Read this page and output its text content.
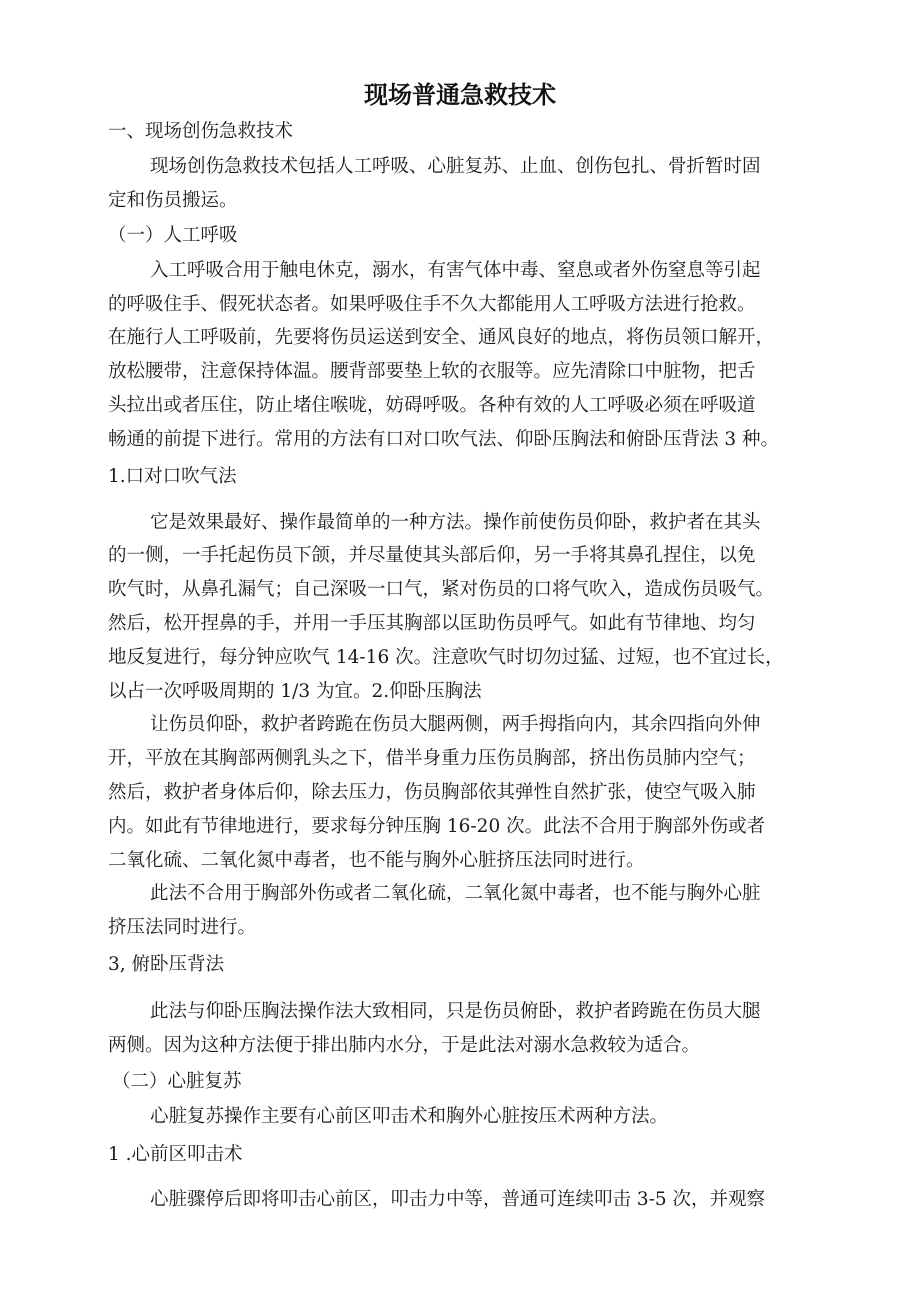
现场普通急救技术
一、现场创伤急救技术
现场创伤急救技术包括人工呼吸、心脏复苏、止血、创伤包扎、骨折暂时固
定和伤员搬运。
（一）人工呼吸
入工呼吸合用于触电休克，溺水，有害气体中毒、窒息或者外伤窒息等引起
的呼吸住手、假死状态者。如果呼吸住手不久大都能用人工呼吸方法进行抢救。
在施行人工呼吸前，先要将伤员运送到安全、通风良好的地点，将伤员领口解开，
放松腰带，注意保持体温。腰背部要垫上软的衣服等。应先清除口中脏物，把舌
头拉出或者压住，防止堵住喉咙，妨碍呼吸。各种有效的人工呼吸必须在呼吸道
畅通的前提下进行。常用的方法有口对口吹气法、仰卧压胸法和俯卧压背法 3 种。
1.口对口吹气法
它是效果最好、操作最简单的一种方法。操作前使伤员仰卧，救护者在其头
的一侧，一手托起伤员下颌，并尽量使其头部后仰，另一手将其鼻孔捏住，以免
吹气时，从鼻孔漏气；自己深吸一口气，紧对伤员的口将气吹入，造成伤员吸气。
然后，松开捏鼻的手，并用一手压其胸部以匡助伤员呼气。如此有节律地、均匀
地反复进行，每分钟应吹气 14-16 次。注意吹气时切勿过猛、过短，也不宜过长，
以占一次呼吸周期的 1/3 为宜。2.仰卧压胸法
让伤员仰卧，救护者跨跪在伤员大腿两侧，两手拇指向内，其余四指向外伸
开，平放在其胸部两侧乳头之下，借半身重力压伤员胸部，挤出伤员肺内空气；
然后，救护者身体后仰，除去压力，伤员胸部依其弹性自然扩张，使空气吸入肺
内。如此有节律地进行，要求每分钟压胸 16-20 次。此法不合用于胸部外伤或者
二氧化硫、二氧化氮中毒者，也不能与胸外心脏挤压法同时进行。
此法不合用于胸部外伤或者二氧化硫，二氧化氮中毒者，也不能与胸外心脏
挤压法同时进行。
3, 俯卧压背法
此法与仰卧压胸法操作法大致相同，只是伤员俯卧，救护者跨跪在伤员大腿
两侧。因为这种方法便于排出肺内水分，于是此法对溺水急救较为适合。
（二）心脏复苏
心脏复苏操作主要有心前区叩击术和胸外心脏按压术两种方法。
1 .心前区叩击术
心脏骤停后即将叩击心前区，叩击力中等，普通可连续叩击 3-5 次，并观察
